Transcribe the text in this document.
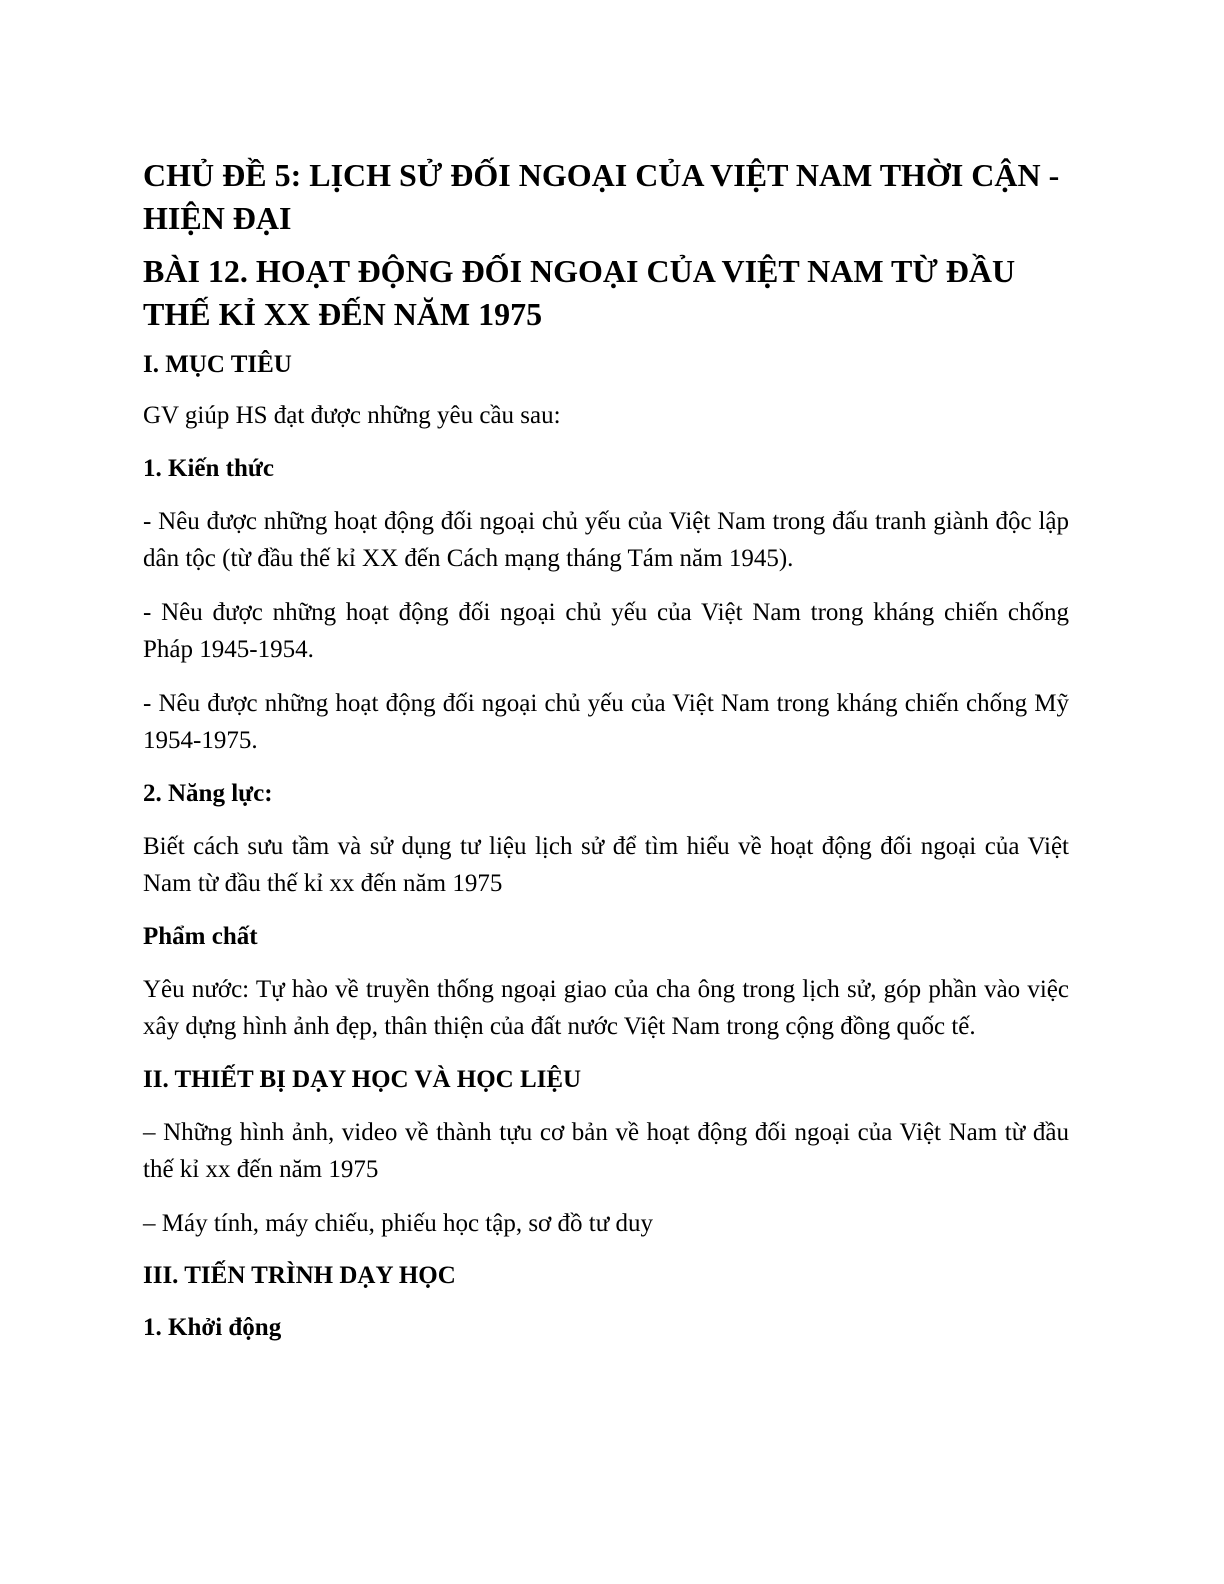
CHỦ ĐỀ 5: LỊCH SỬ ĐỐI NGOẠI CỦA VIỆT NAM THỜI CẬN - HIỆN ĐẠI
BÀI 12. HOẠT ĐỘNG ĐỐI NGOẠI CỦA VIỆT NAM TỪ ĐẦU THẾ KỈ XX ĐẾN NĂM 1975
I. MỤC TIÊU

GV giúp HS đạt được những yêu cầu sau:

1. Kiến thức

- Nêu được những hoạt động đối ngoại chủ yếu của Việt Nam trong đấu tranh giành độc lập dân tộc (từ đầu thế kỉ XX đến Cách mạng tháng Tám năm 1945).

- Nêu được những hoạt động đối ngoại chủ yếu của Việt Nam trong kháng chiến chống Pháp 1945-1954.

- Nêu được những hoạt động đối ngoại chủ yếu của Việt Nam trong kháng chiến chống Mỹ 1954-1975.

2. Năng lực:

Biết cách sưu tầm và sử dụng tư liệu lịch sử để tìm hiểu về hoạt động đối ngoại của Việt Nam từ đầu thế kỉ xx đến năm 1975

Phẩm chất

Yêu nước: Tự hào về truyền thống ngoại giao của cha ông trong lịch sử, góp phần vào việc xây dựng hình ảnh đẹp, thân thiện của đất nước Việt Nam trong cộng đồng quốc tế.

II. THIẾT BỊ DẠY HỌC VÀ HỌC LIỆU

– Những hình ảnh, video về thành tựu cơ bản về hoạt động đối ngoại của Việt Nam từ đầu thế kỉ xx đến năm 1975

– Máy tính, máy chiếu, phiếu học tập, sơ đồ tư duy

III. TIẾN TRÌNH DẠY HỌC
1. Khởi động
